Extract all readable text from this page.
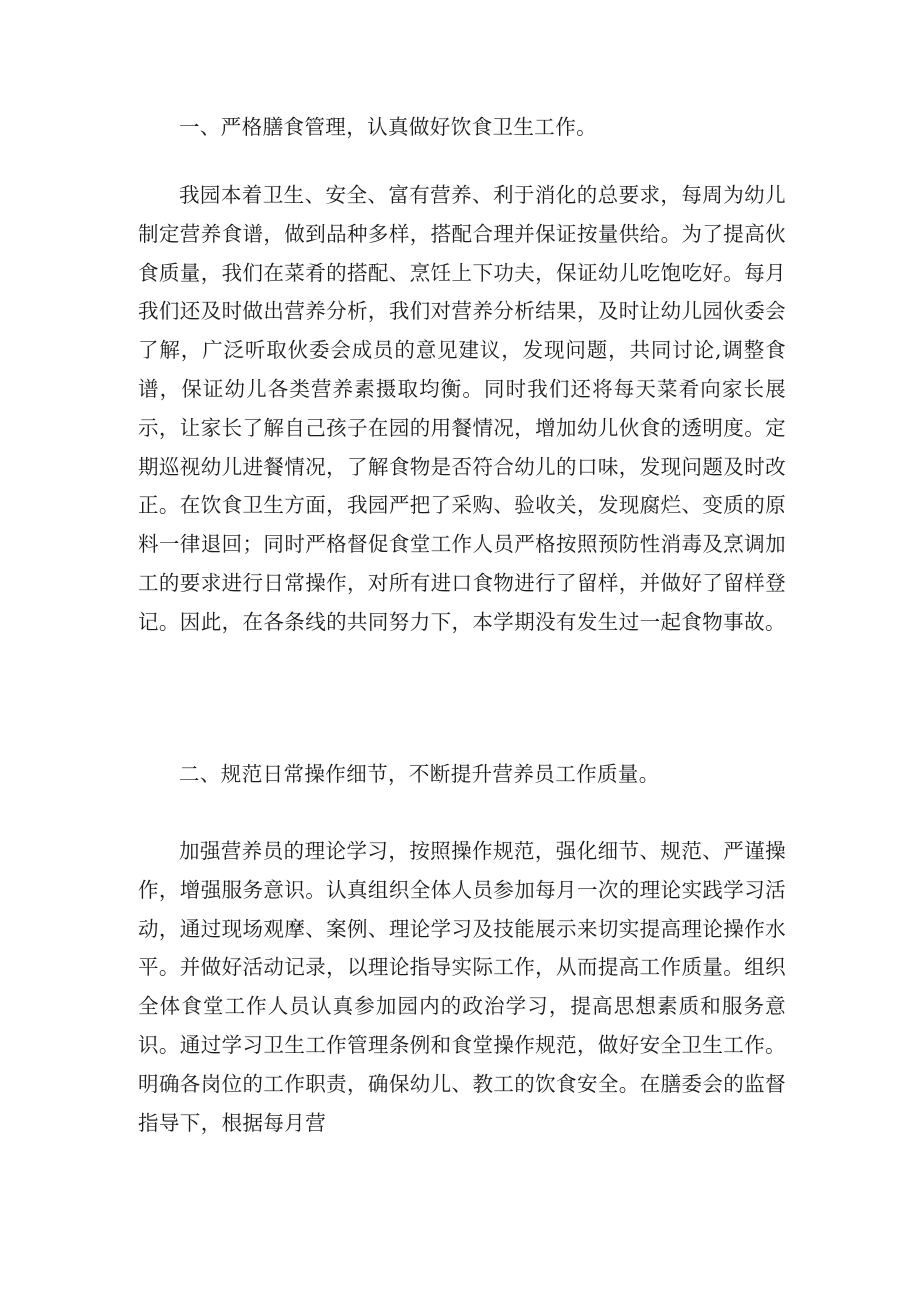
一、严格膳食管理，认真做好饮食卫生工作。

我园本着卫生、安全、富有营养、利于消化的总要求，每周为幼儿制定营养食谱，做到品种多样，搭配合理并保证按量供给。为了提高伙食质量，我们在菜肴的搭配、烹饪上下功夫，保证幼儿吃饱吃好。每月我们还及时做出营养分析，我们对营养分析结果，及时让幼儿园伙委会了解，广泛听取伙委会成员的意见建议，发现问题，共同讨论,调整食谱，保证幼儿各类营养素摄取均衡。同时我们还将每天菜肴向家长展示，让家长了解自己孩子在园的用餐情况，增加幼儿伙食的透明度。定期巡视幼儿进餐情况，了解食物是否符合幼儿的口味，发现问题及时改正。在饮食卫生方面，我园严把了采购、验收关，发现腐烂、变质的原料一律退回；同时严格督促食堂工作人员严格按照预防性消毒及烹调加工的要求进行日常操作，对所有进口食物进行了留样，并做好了留样登记。因此，在各条线的共同努力下，本学期没有发生过一起食物事故。

二、规范日常操作细节，不断提升营养员工作质量。

加强营养员的理论学习，按照操作规范，强化细节、规范、严谨操作，增强服务意识。认真组织全体人员参加每月一次的理论实践学习活动，通过现场观摩、案例、理论学习及技能展示来切实提高理论操作水平。并做好活动记录，以理论指导实际工作，从而提高工作质量。组织全体食堂工作人员认真参加园内的政治学习，提高思想素质和服务意识。通过学习卫生工作管理条例和食堂操作规范，做好安全卫生工作。明确各岗位的工作职责，确保幼儿、教工的饮食安全。在膳委会的监督指导下，根据每月营
